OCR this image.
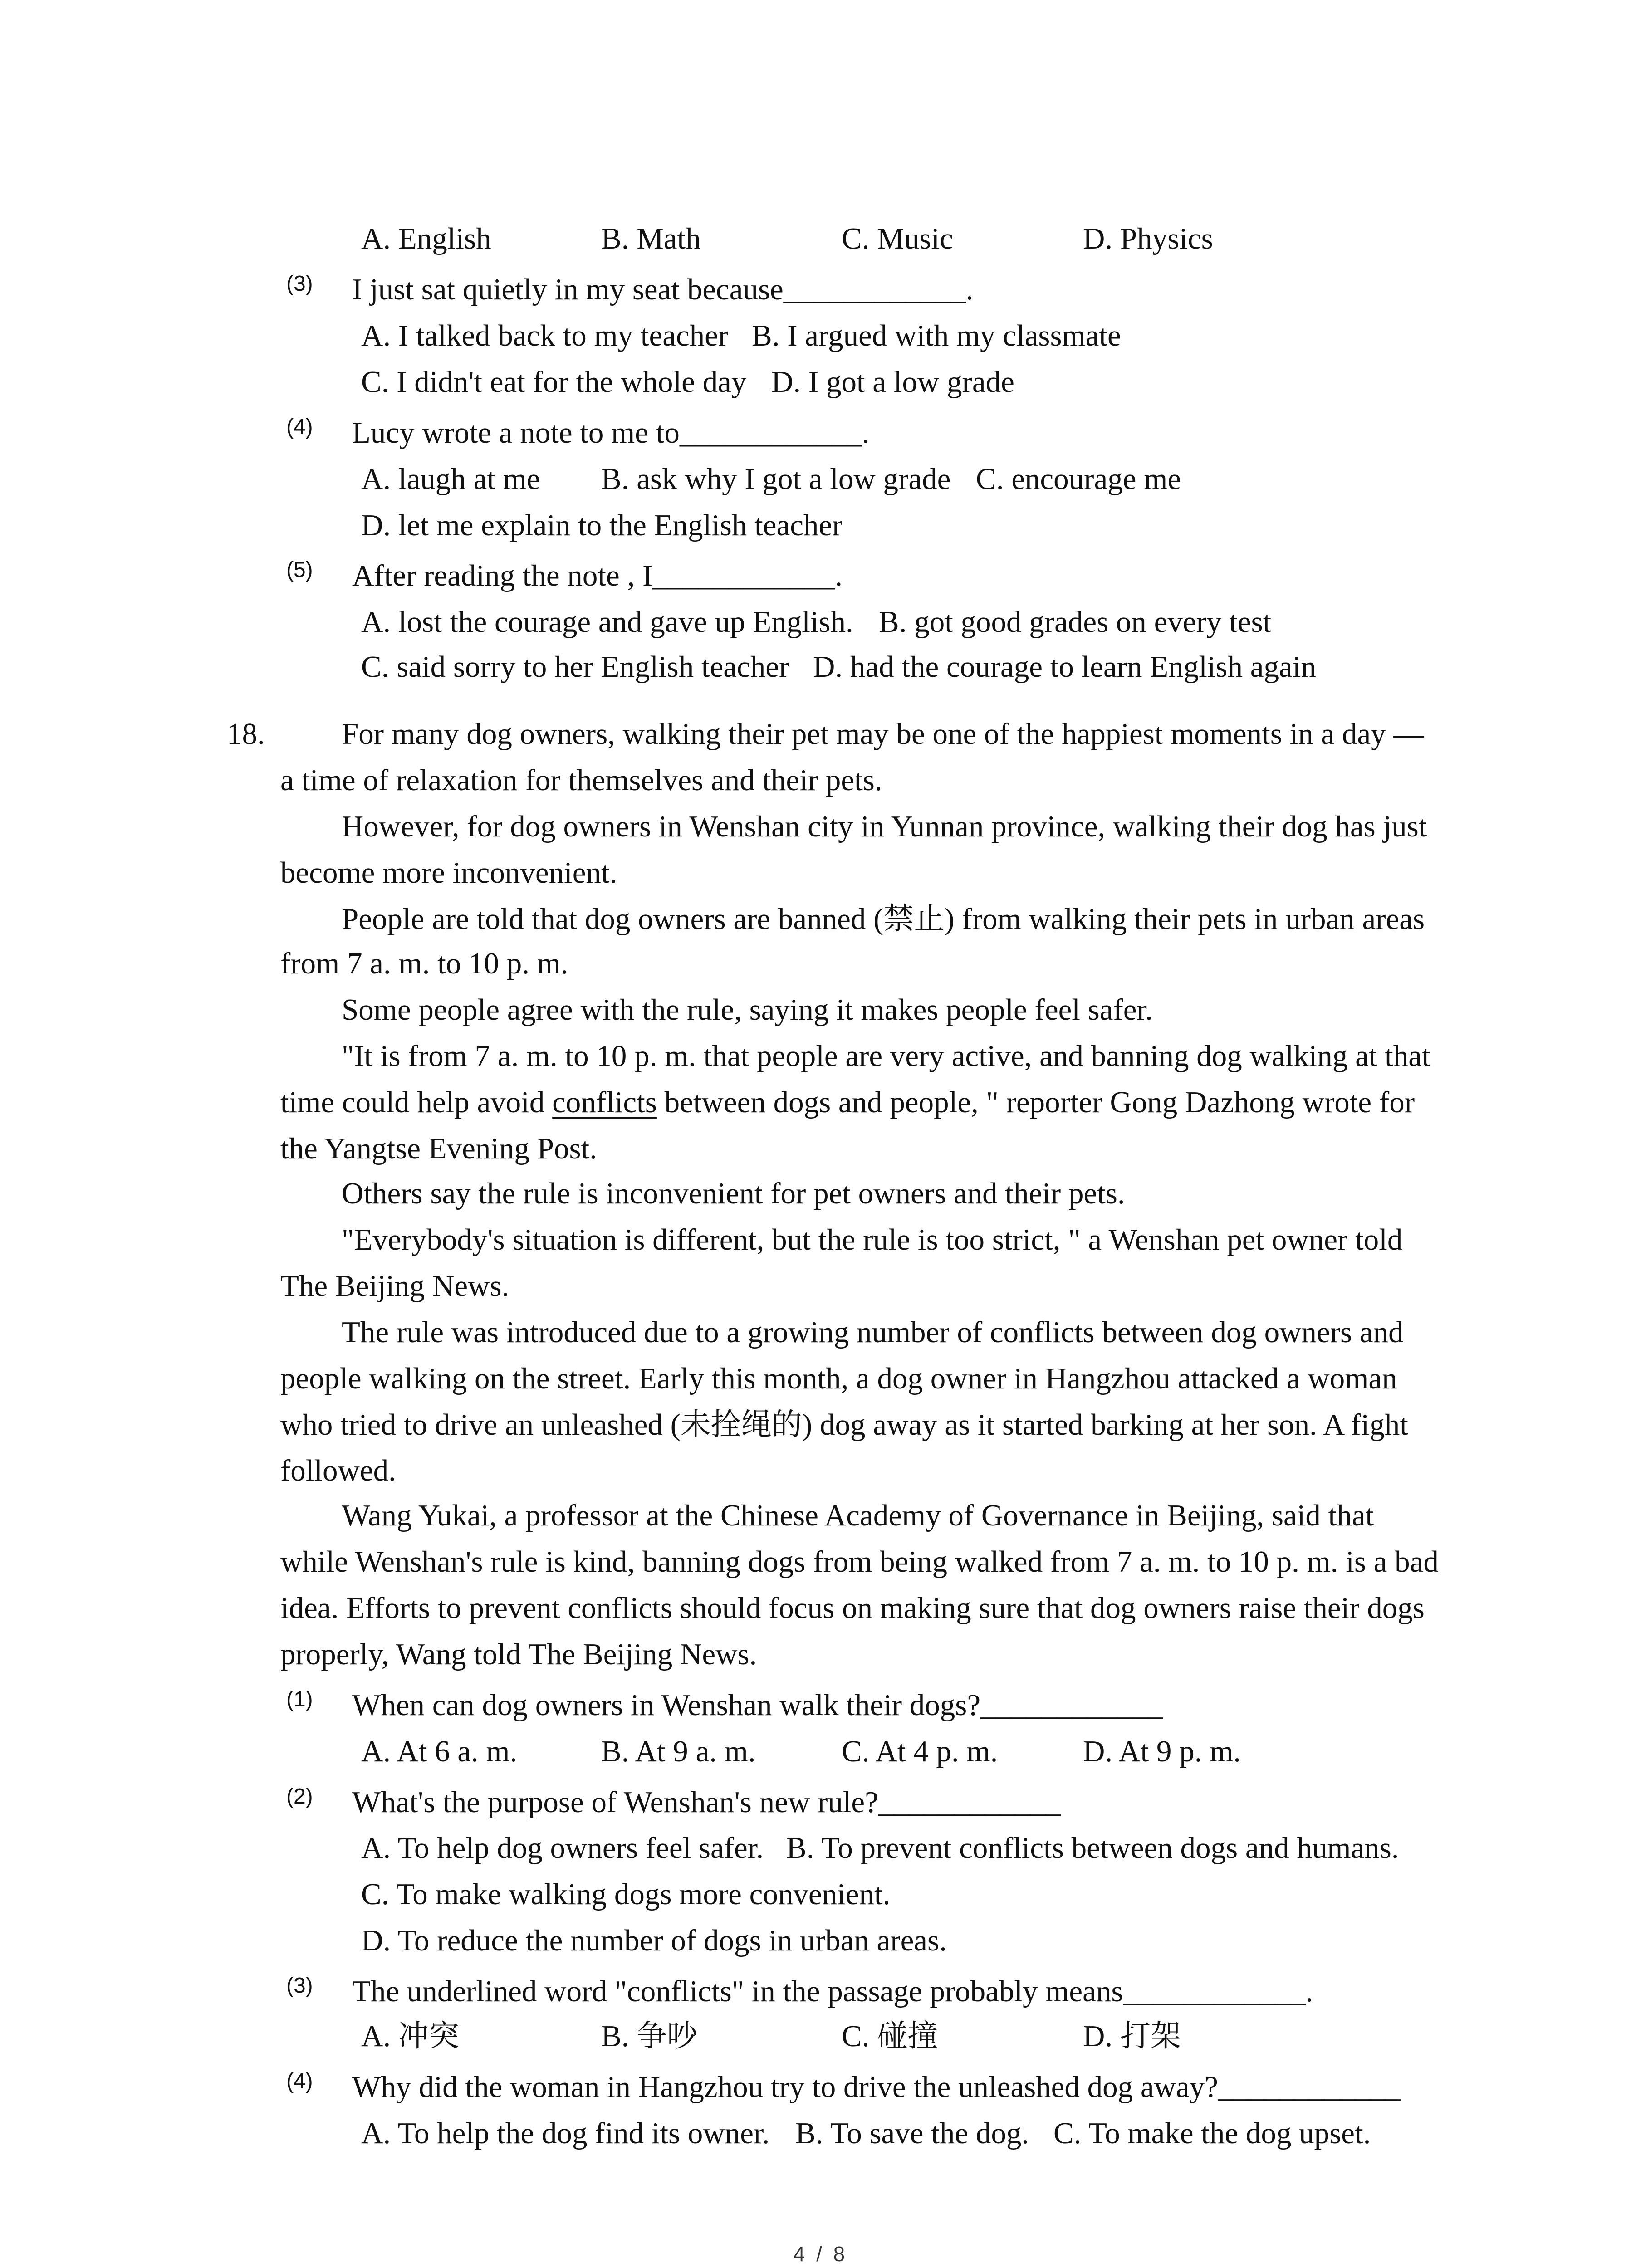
A. English	B. Math	C. Music	D. Physics
(3) I just sat quietly in my seat because____________.
A. I talked back to my teacher B. I argued with my classmate
C. I didn't eat for the whole day D. I got a low grade
(4) Lucy wrote a note to me to____________.
A. laugh at me B. ask why I got a low grade C. encourage me
D. let me explain to the English teacher
(5) After reading the note , I____________.
A. lost the courage and gave up English. B. got good grades on every test
C. said sorry to her English teacher D. had the courage to learn English again
18.	For many dog owners, walking their pet may be one of the happiest moments in a day —
a time of relaxation for themselves and their pets.
However, for dog owners in Wenshan city in Yunnan province, walking their dog has just
become more inconvenient.
People are told that dog owners are banned (禁止) from walking their pets in urban areas
from 7 a. m. to 10 p. m.
Some people agree with the rule, saying it makes people feel safer.
"It is from 7 a. m. to 10 p. m. that people are very active, and banning dog walking at that
time could help avoid conflicts between dogs and people, " reporter Gong Dazhong wrote for
the Yangtse Evening Post.
Others say the rule is inconvenient for pet owners and their pets.
"Everybody's situation is different, but the rule is too strict, " a Wenshan pet owner told
The Beijing News.
The rule was introduced due to a growing number of conflicts between dog owners and
people walking on the street. Early this month, a dog owner in Hangzhou attacked a woman
who tried to drive an unleashed (未拴绳的) dog away as it started barking at her son. A fight
followed.
Wang Yukai, a professor at the Chinese Academy of Governance in Beijing, said that
while Wenshan's rule is kind, banning dogs from being walked from 7 a. m. to 10 p. m. is a bad
idea. Efforts to prevent conflicts should focus on making sure that dog owners raise their dogs
properly, Wang told The Beijing News.
(1) When can dog owners in Wenshan walk their dogs?____________
A. At 6 a. m.	B. At 9 a. m.	C. At 4 p. m.	D. At 9 p. m.
(2) What's the purpose of Wenshan's new rule?____________
A. To help dog owners feel safer. B. To prevent conflicts between dogs and humans.
C. To make walking dogs more convenient.
D. To reduce the number of dogs in urban areas.
(3) The underlined word "conflicts" in the passage probably means____________.
A. 冲突	B. 争吵	C. 碰撞	D. 打架
(4) Why did the woman in Hangzhou try to drive the unleashed dog away?____________
A. To help the dog find its owner. B. To save the dog. C. To make the dog upset.
4 / 8
